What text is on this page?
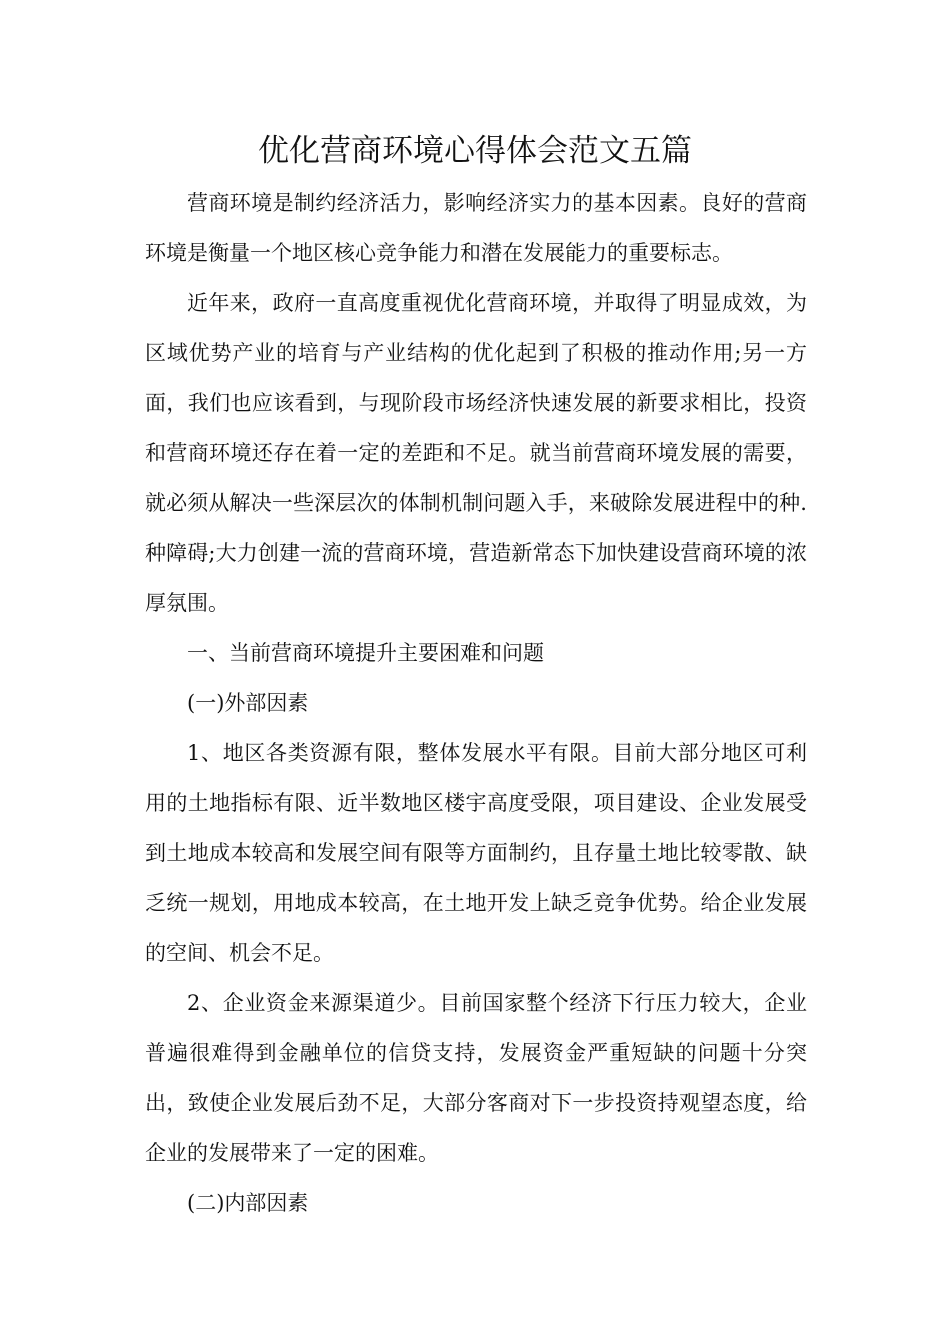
优化营商环境心得体会范文五篇

营商环境是制约经济活力，影响经济实力的基本因素。良好的营商环境是衡量一个地区核心竞争能力和潜在发展能力的重要标志。

近年来，政府一直高度重视优化营商环境，并取得了明显成效，为区域优势产业的培育与产业结构的优化起到了积极的推动作用;另一方面，我们也应该看到，与现阶段市场经济快速发展的新要求相比，投资和营商环境还存在着一定的差距和不足。就当前营商环境发展的需要，就必须从解决一些深层次的体制机制问题入手，来破除发展进程中的种.种障碍;大力创建一流的营商环境，营造新常态下加快建设营商环境的浓厚氛围。

一、当前营商环境提升主要困难和问题

(一)外部因素

1、地区各类资源有限，整体发展水平有限。目前大部分地区可利用的土地指标有限、近半数地区楼宇高度受限，项目建设、企业发展受到土地成本较高和发展空间有限等方面制约，且存量土地比较零散、缺乏统一规划，用地成本较高，在土地开发上缺乏竞争优势。给企业发展的空间、机会不足。

2、企业资金来源渠道少。目前国家整个经济下行压力较大，企业普遍很难得到金融单位的信贷支持，发展资金严重短缺的问题十分突出，致使企业发展后劲不足，大部分客商对下一步投资持观望态度，给企业的发展带来了一定的困难。

(二)内部因素
